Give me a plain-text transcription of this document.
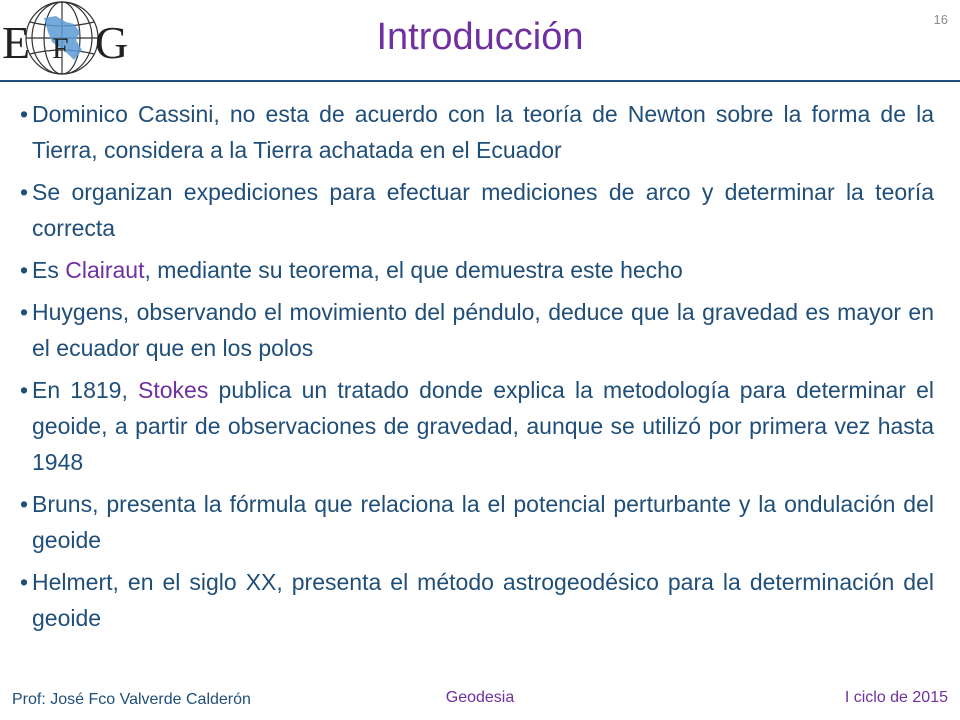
E G
F	Introducción	16
• Dominico Cassini, no esta de acuerdo con la teoría de Newton sobre la forma de la Tierra, considera a la Tierra achatada en el Ecuador
• Se organizan expediciones para efectuar mediciones de arco y determinar la teoría correcta
• Es Clairaut, mediante su teorema, el que demuestra este hecho
• Huygens, observando el movimiento del péndulo, deduce que la gravedad es mayor en el ecuador que en los polos
• En 1819, Stokes publica un tratado donde explica la metodología para determinar el geoide, a partir de observaciones de gravedad, aunque se utilizó por primera vez hasta 1948
• Bruns, presenta la fórmula que relaciona la el potencial perturbante y la ondulación del geoide
• Helmert, en el siglo XX, presenta el método astrogeodésico para la determinación del geoide
Prof: José Fco Valverde Calderón	Geodesia	I ciclo de 2015
